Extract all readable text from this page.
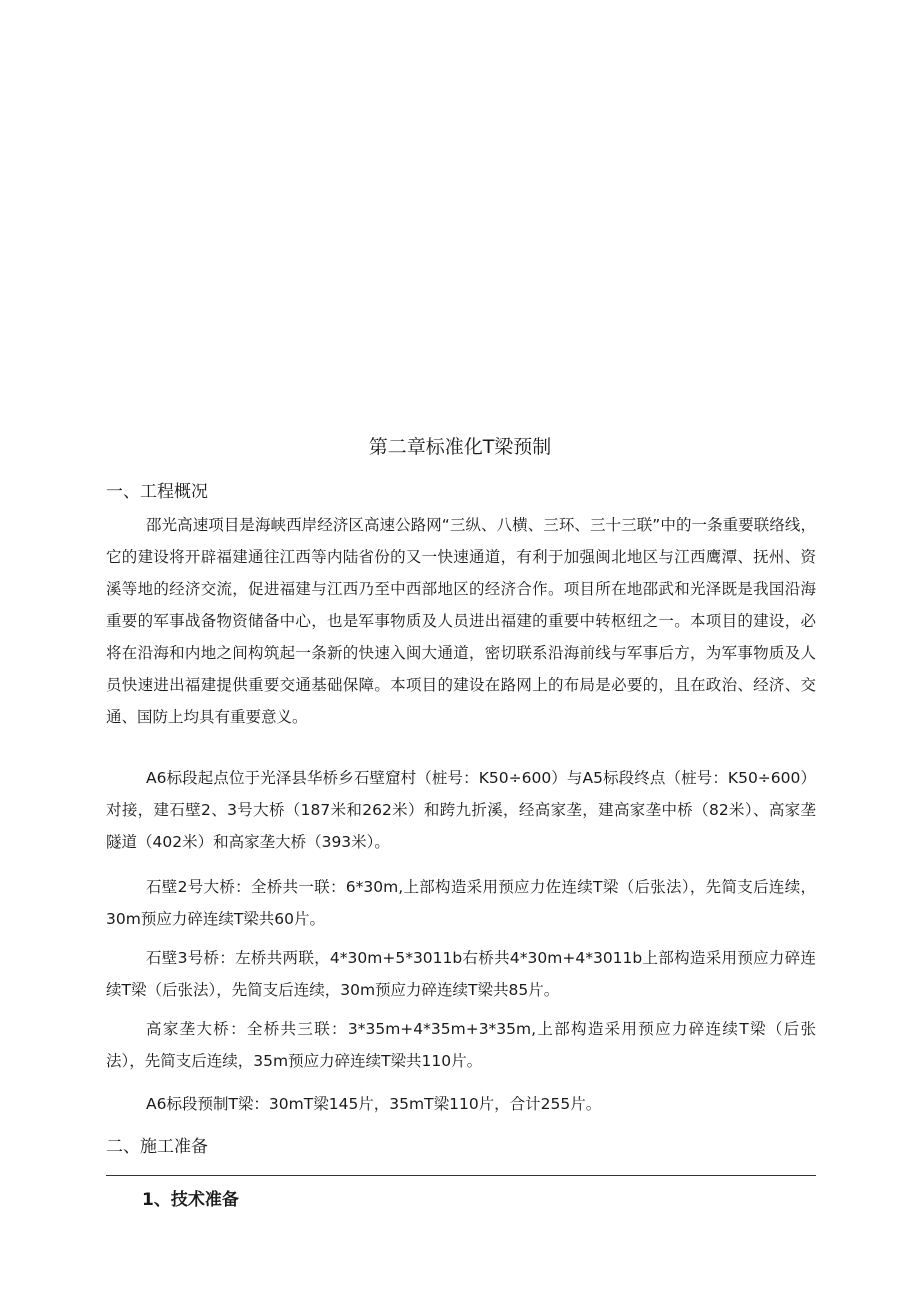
第二章标准化T梁预制
一、工程概况

邵光高速项目是海峡西岸经济区高速公路网“三纵、八横、三环、三十三联”中的一条重要联络线，它的建设将开辟福建通往江西等内陆省份的又一快速通道，有利于加强闽北地区与江西鹰潭、抚州、资溪等地的经济交流，促进福建与江西乃至中西部地区的经济合作。项目所在地邵武和光泽既是我国沿海重要的军事战备物资储备中心，也是军事物质及人员进出福建的重要中转枢纽之一。本项目的建设，必将在沿海和内地之间构筑起一条新的快速入闽大通道，密切联系沿海前线与军事后方，为军事物质及人员快速进出福建提供重要交通基础保障。本项目的建设在路网上的布局是必要的，且在政治、经济、交通、国防上均具有重要意义。

A6标段起点位于光泽县华桥乡石壁窟村（桩号：K50÷600）与A5标段终点（桩号：K50÷600）对接，建石壁2、3号大桥（187米和262米）和跨九折溪，经高家垄，建高家垄中桥（82米）、高家垄隧道（402米）和高家垄大桥（393米）。

石壁2号大桥：全桥共一联：6*30m,上部构造采用预应力佐连续T梁（后张法），先简支后连续，30m预应力碎连续T梁共60片。

石壁3号桥：左桥共两联，4*30m+5*3011b右桥共4*30m+4*3011b上部构造采用预应力碎连续T梁（后张法），先简支后连续，30m预应力碎连续T梁共85片。

高家垄大桥：全桥共三联：3*35m+4*35m+3*35m,上部构造采用预应力碎连续T梁（后张法），先简支后连续，35m预应力碎连续T梁共110片。

A6标段预制T梁：30mT梁145片，35mT梁110片，合计255片。

二、施工准备
1、技术准备
